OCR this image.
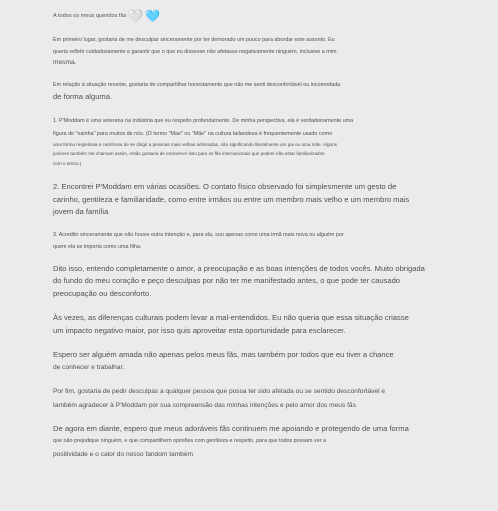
A todos os meus queridos fãs 🤍 🩵

Em primeiro lugar, gostaria de me desculpar sinceramente por ter demorado um pouco para abordar este assunto. Eu

queria refletir cuidadosamente e garantir que o que eu dissesse não afetasse negativamente ninguém, inclusive a mim

mesma.

Em relação à situação recente, gostaria de compartilhar honestamente que não me senti desconfortável ou incomodada

de forma alguma.

1. P'Moddam é uma veterana na indústria que eu respeito profundamente. De minha perspectiva, ela é verdadeiramente uma

figura de "nainha" para muitos de nós. (O termo "Mae" ou "Mãe" na cultura tailandesa é frequentemente usado como

uma forma respeitosa e carinhosa de se dirigir a pessoas mais velhas admiradas, não significando literalmente um pai ou uma mãe. Alguns

juniores também me chamam assim, então gostaria de esclarecer isso para os fãs internacionais que podem não estar familiarizados

com o termo.)

2. Encontrei P'Moddam em várias ocasiões. O contato físico observado foi simplesmente um gesto de

carinho, gentileza e familiaridade, como entre irmãos ou entre um membro mais velho e um membro mais

jovem da família

3. Acredito sinceramente que não houve outra intenção e, para ela, sou apenas como uma irmã mais nova ou alguém por

quem ela se importa como uma filha.

Dito isso, entendo completamente o amor, a preocupação e as boas intenções de todos vocês. Muito obrigada

do fundo do meu coração e peço desculpas por não ter me manifestado antes, o que pode ter causado

preocupação ou desconforto.

Às vezes, as diferenças culturais podem levar a mal-entendidos. Eu não queria que essa situação criasse

um impacto negativo maior, por isso quis aproveitar esta oportunidade para esclarecer.

Espero ser alguém amada não apenas pelos meus fãs, mas também por todos que eu tiver a chance

de conhecer e trabalhar.

Por fim, gostaria de pedir desculpas a qualquer pessoa que possa ter sido afetada ou se sentido desconfortável e

também agradecer à P'Moddam por sua compreensão das minhas intenções e pelo amor dos meus fãs

De agora em diante, espero que meus adoráveis fãs continuem me apoiando e protegendo de uma forma

que não prejudique ninguém, e que compartilhem opiniões com gentileza e respeito, para que todos possam ver a

positividade e o calor do nosso fandom também
